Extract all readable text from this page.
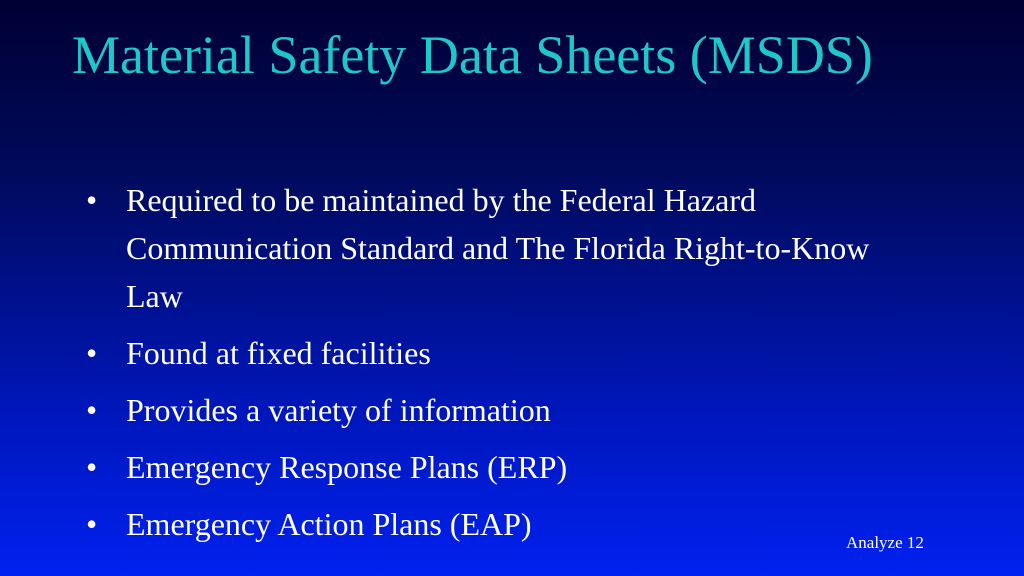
Material Safety Data Sheets (MSDS)
• Required to be maintained by the Federal Hazard Communication Standard and The Florida Right-to-Know Law
• Found at fixed facilities
• Provides a variety of information
• Emergency Response Plans (ERP)
• Emergency Action Plans (EAP)
Analyze 12
